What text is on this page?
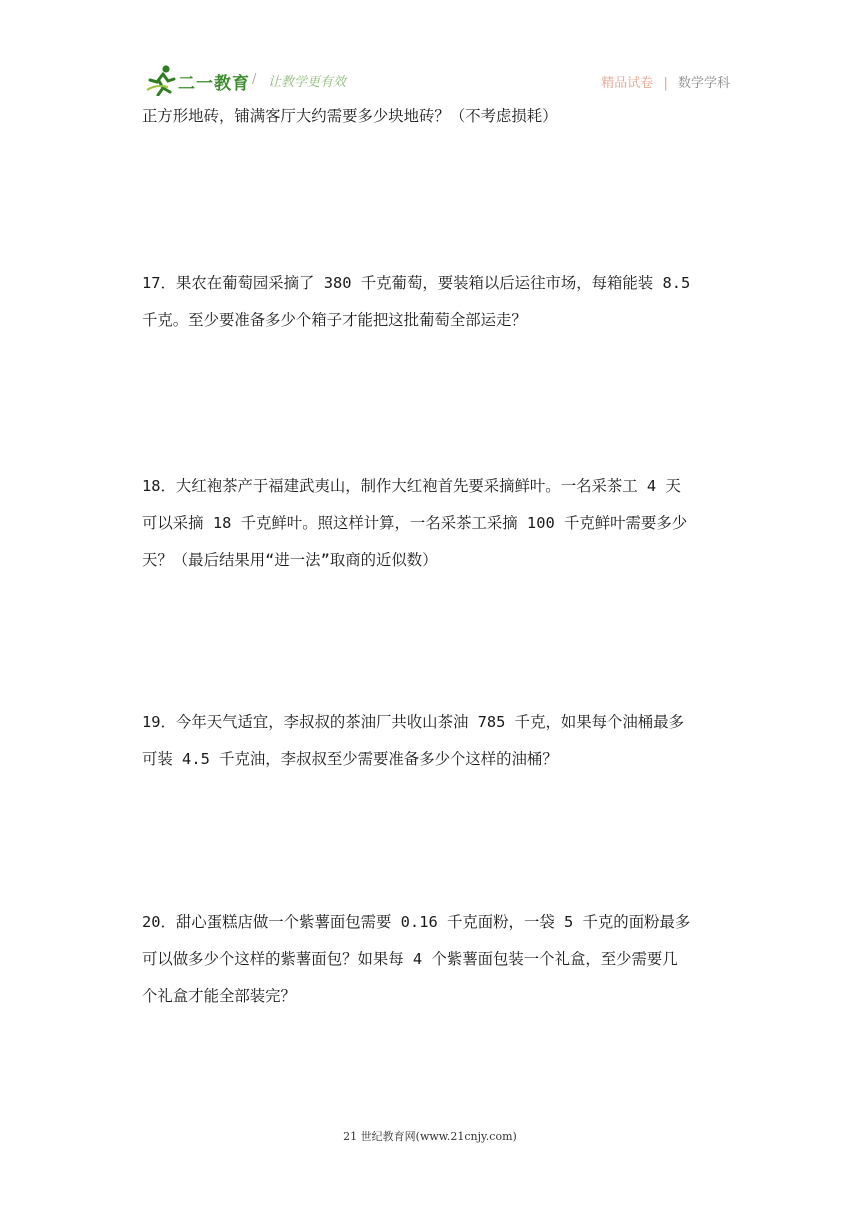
二一教育 / 让教学更有效	精品试卷 | 数学学科
正方形地砖，铺满客厅大约需要多少块地砖？（不考虑损耗）
17．果农在葡萄园采摘了 380 千克葡萄，要装箱以后运往市场，每箱能装 8.5
千克。至少要准备多少个箱子才能把这批葡萄全部运走？
18．大红袍茶产于福建武夷山，制作大红袍首先要采摘鲜叶。一名采茶工 4 天
可以采摘 18 千克鲜叶。照这样计算，一名采茶工采摘 100 千克鲜叶需要多少
天？（最后结果用“进一法”取商的近似数）
19．今年天气适宜，李叔叔的茶油厂共收山茶油 785 千克，如果每个油桶最多
可装 4.5 千克油，李叔叔至少需要准备多少个这样的油桶？
20．甜心蛋糕店做一个紫薯面包需要 0.16 千克面粉，一袋 5 千克的面粉最多
可以做多少个这样的紫薯面包？如果每 4 个紫薯面包装一个礼盒，至少需要几
个礼盒才能全部装完？
21 世纪教育网(www.21cnjy.com)
